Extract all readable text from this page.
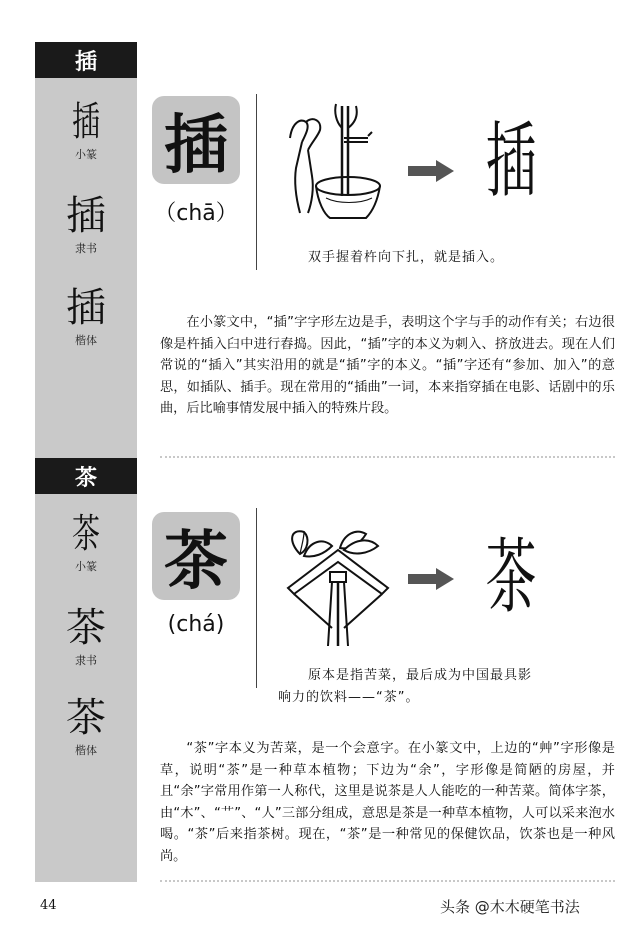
插
插
小篆
插
隶书
插
楷体
插
（chā）
插
双手握着杵向下扎，就是插入。
在小篆文中，“插”字字形左边是手，表明这个字与手的动作有关；右边很像是杵插入臼中进行舂捣。因此，“插”字的本义为刺入、挤放进去。现在人们常说的“插入”其实沿用的就是“插”字的本义。“插”字还有“参加、加入”的意思，如插队、插手。现在常用的“插曲”一词，本来指穿插在电影、话剧中的乐曲，后比喻事情发展中插入的特殊片段。
茶
茶
小篆
茶
隶书
茶
楷体
茶
(chá)	茶
原本是指苦菜，最后成为中国最具影
响力的饮料——“茶”。
“茶”字本义为苦菜，是一个会意字。在小篆文中，上边的“艸”字形像是草，说明“茶”是一种草本植物；下边为“余”，字形像是简陋的房屋，并且“余”字常用作第一人称代，这里是说茶是人人能吃的一种苦菜。简体字茶，由“木”、“艹”、“人”三部分组成，意思是茶是一种草本植物，人可以采来泡水喝。“茶”后来指茶树。现在，“茶”是一种常见的保健饮品，饮茶也是一种风尚。
44	头条 @木木硬笔书法
